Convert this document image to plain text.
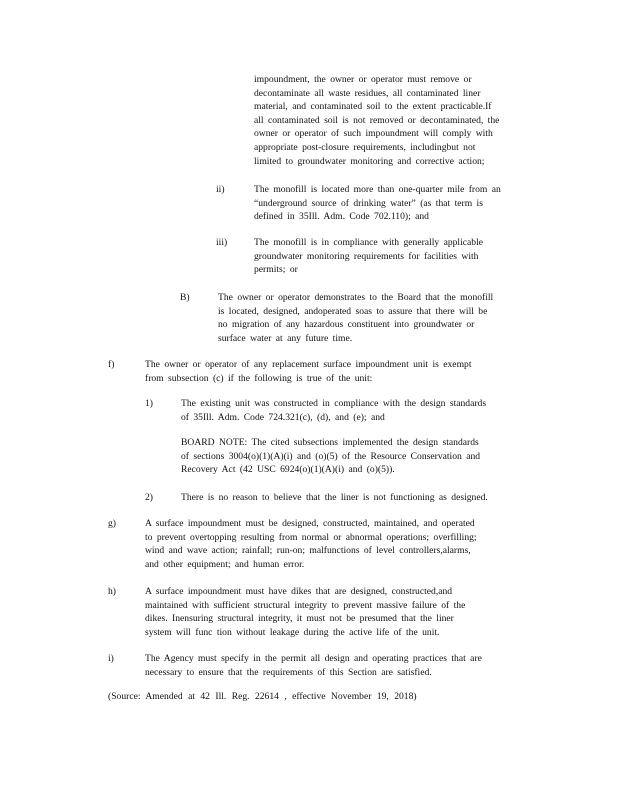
impoundment, the owner or operator must remove or
decontaminate all waste residues, all contaminated liner
material, and contaminated soil to the extent practicable.If
all contaminated soil is not removed or decontaminated, the
owner or operator of such impoundment will comply with
appropriate post-closure requirements, includingbut not
limited to groundwater monitoring and corrective action;
ii)	The monofill is located more than one-quarter mile from an
“underground source of drinking water” (as that term is
defined in 35Ill. Adm. Code 702.110); and
iii)	The monofill is in compliance with generally applicable
groundwater monitoring requirements for facilities with
permits; or
B)	The owner or operator demonstrates to the Board that the monofill
is located, designed, andoperated soas to assure that there will be
no migration of any hazardous constituent into groundwater or
surface water at any future time.
f)	The owner or operator of any replacement surface impoundment unit is exempt
from subsection (c) if the following is true of the unit:
1)	The existing unit was constructed in compliance with the design standards
of 35Ill. Adm. Code 724.321(c), (d), and (e); and
BOARD NOTE: The cited subsections implemented the design standards
of sections 3004(o)(1)(A)(i) and (o)(5) of the Resource Conservation and
Recovery Act (42 USC 6924(o)(1)(A)(i) and (o)(5)).
2)	There is no reason to believe that the liner is not functioning as designed.
g)	A surface impoundment must be designed, constructed, maintained, and operated
to prevent overtopping resulting from normal or abnormal operations; overfilling;
wind and wave action; rainfall; run-on; malfunctions of level controllers,alarms,
and other equipment; and human error.
h)	A surface impoundment must have dikes that are designed, constructed,and
maintained with sufficient structural integrity to prevent massive failure of the
dikes. Inensuring structural integrity, it must not be presumed that the liner
system will func tion without leakage during the active life of the unit.
i)	The Agency must specify in the permit all design and operating practices that are
necessary to ensure that the requirements of this Section are satisfied.
(Source: Amended at 42 Ill. Reg. 22614 , effective November 19, 2018)
